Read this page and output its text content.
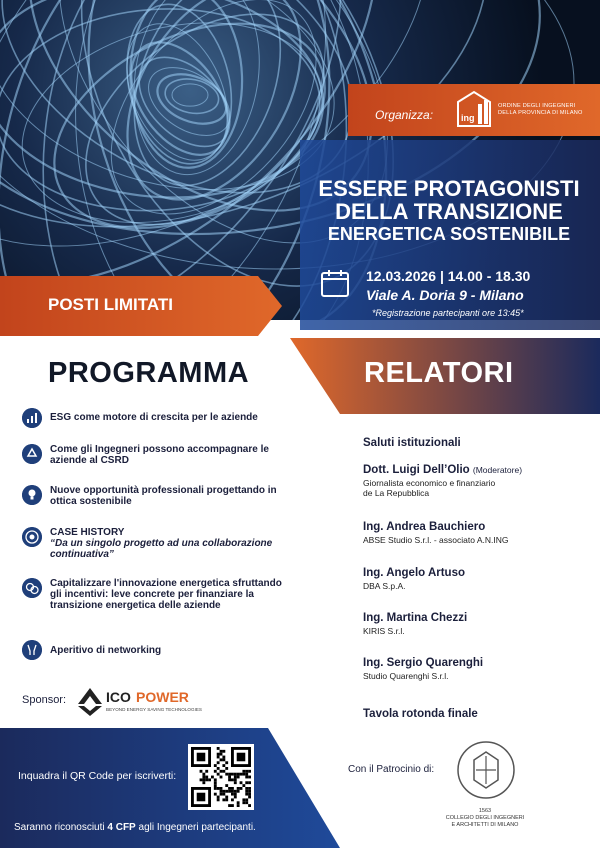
Organizza:	ing
ORDINE DEGLI INGEGNERI
DELLA PROVINCIA DI MILANO
ESSERE PROTAGONISTI
DELLA TRANSIZIONE
ENERGETICA SOSTENIBILE
12.03.2026 | 14.00 - 18.30
Viale A. Doria 9 - Milano
*Registrazione partecipanti ore 13:45*
POSTI LIMITATI
PROGRAMMA	RELATORI
ESG come motore di crescita per le aziende
Come gli Ingegneri possono accompagnare le aziende al CSRD
Nuove opportunità professionali progettando in ottica sostenibile
CASE HISTORY
“Da un singolo progetto ad una collaborazione continuativa”
Capitalizzare l'innovazione energetica sfruttando gli incentivi: leve concrete per finanziare la transizione energetica delle aziende
Aperitivo di networking
Saluti istituzionali
Dott. Luigi Dell’Olio (Moderatore)
Giornalista economico e finanziario
de La Repubblica
Ing. Andrea Bauchiero
ABSE Studio S.r.l. - associato A.N.ING
Ing. Angelo Artuso
DBA S.p.A.
Ing. Martina Chezzi
KIRIS S.r.l.
Ing. Sergio Quarenghi
Studio Quarenghi S.r.l.
Tavola rotonda finale
Sponsor:	ICO POWER
BEYOND ENERGY SAVING TECHNOLOGIES
Inquadra il QR Code per iscriverti:
Saranno riconosciuti 4 CFP agli Ingegneri partecipanti.
Con il Patrocinio di:
1563
COLLEGIO DEGLI INGEGNERI
E ARCHITETTI DI MILANO
